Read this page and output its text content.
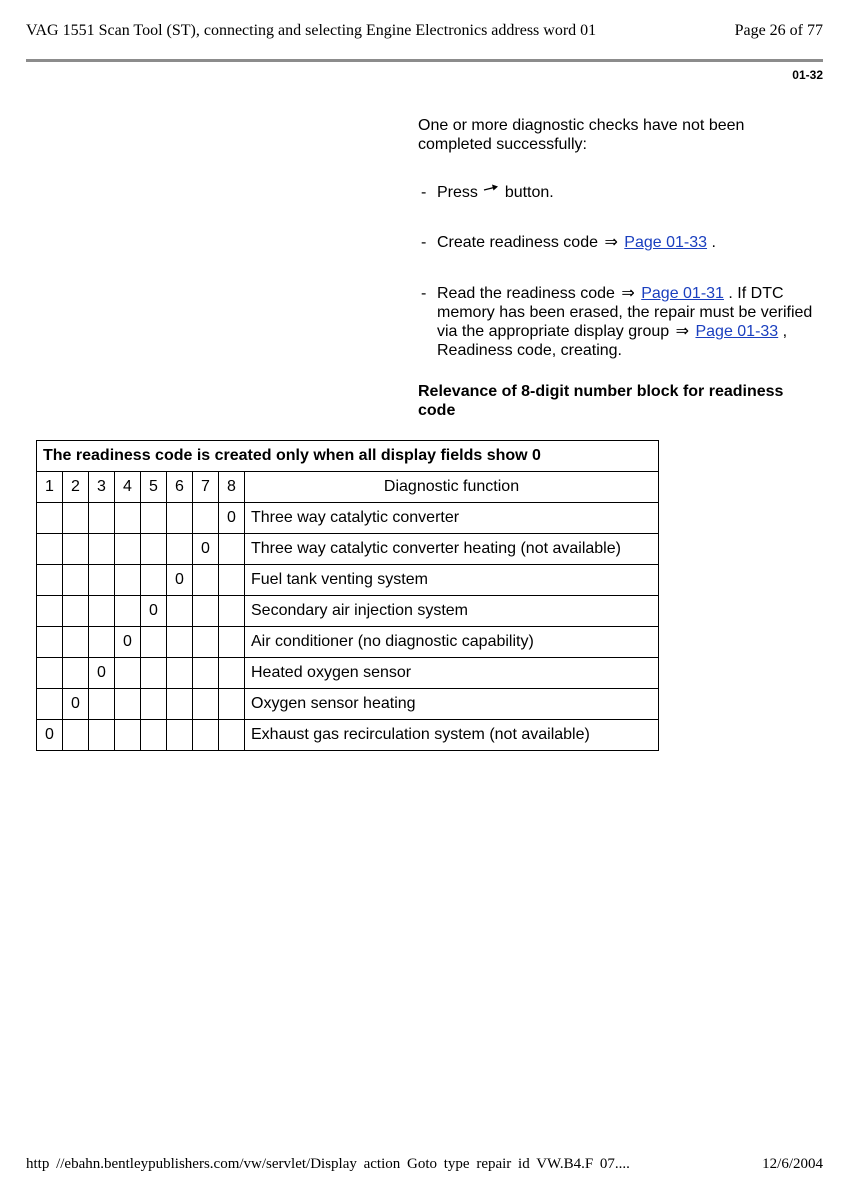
VAG 1551 Scan Tool (ST), connecting and selecting Engine Electronics address word 01	Page 26 of 77
01-32
One or more diagnostic checks have not been completed successfully:
- Press button.
- Create readiness code ⇒ Page 01-33 .
- Read the readiness code ⇒ Page 01-31 . If DTC memory has been erased, the repair must be verified via the appropriate display group ⇒ Page 01-33 , Readiness code, creating.
Relevance of 8-digit number block for readiness code
The readiness code is created only when all display fields show 0								
1	2	3	4	5	6	7	8	Diagnostic function
							0	Three way catalytic converter
						0		Three way catalytic converter heating (not available)
					0			Fuel tank venting system
				0				Secondary air injection system
			0					Air conditioner (no diagnostic capability)
		0						Heated oxygen sensor
	0							Oxygen sensor heating
0								Exhaust gas recirculation system (not available)
http //ebahn.bentleypublishers.com/vw/servlet/Display action Goto type repair id VW.B4.F 07....	12/6/2004
